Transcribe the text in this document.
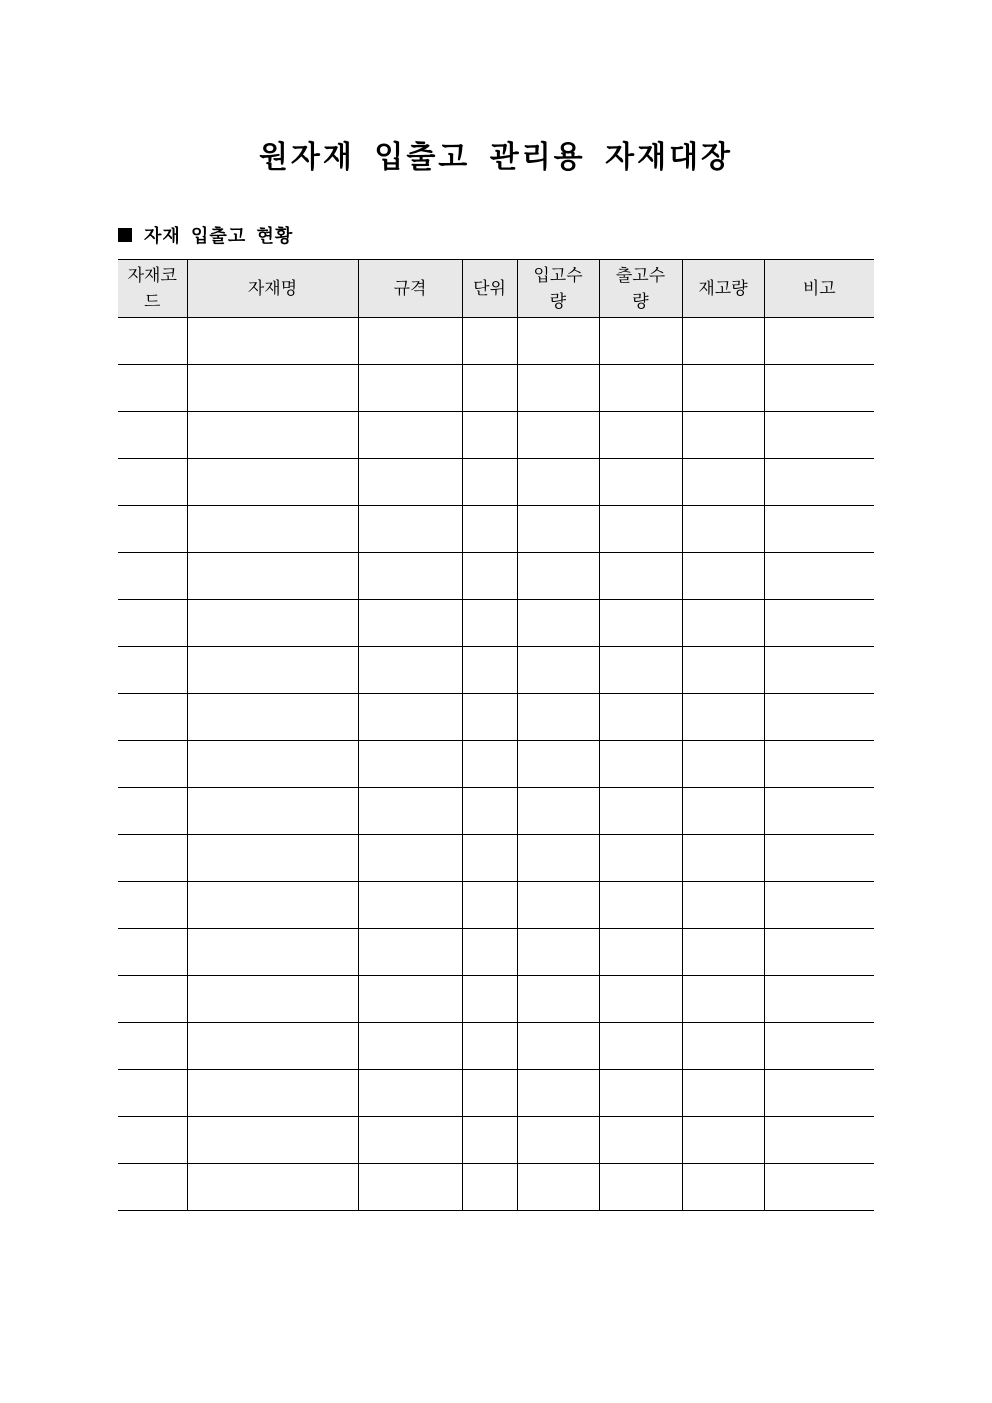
원자재 입출고 관리용 자재대장
자재 입출고 현황
자재코드	자재명	규격	단위	입고수량	출고수량	재고량	비고
